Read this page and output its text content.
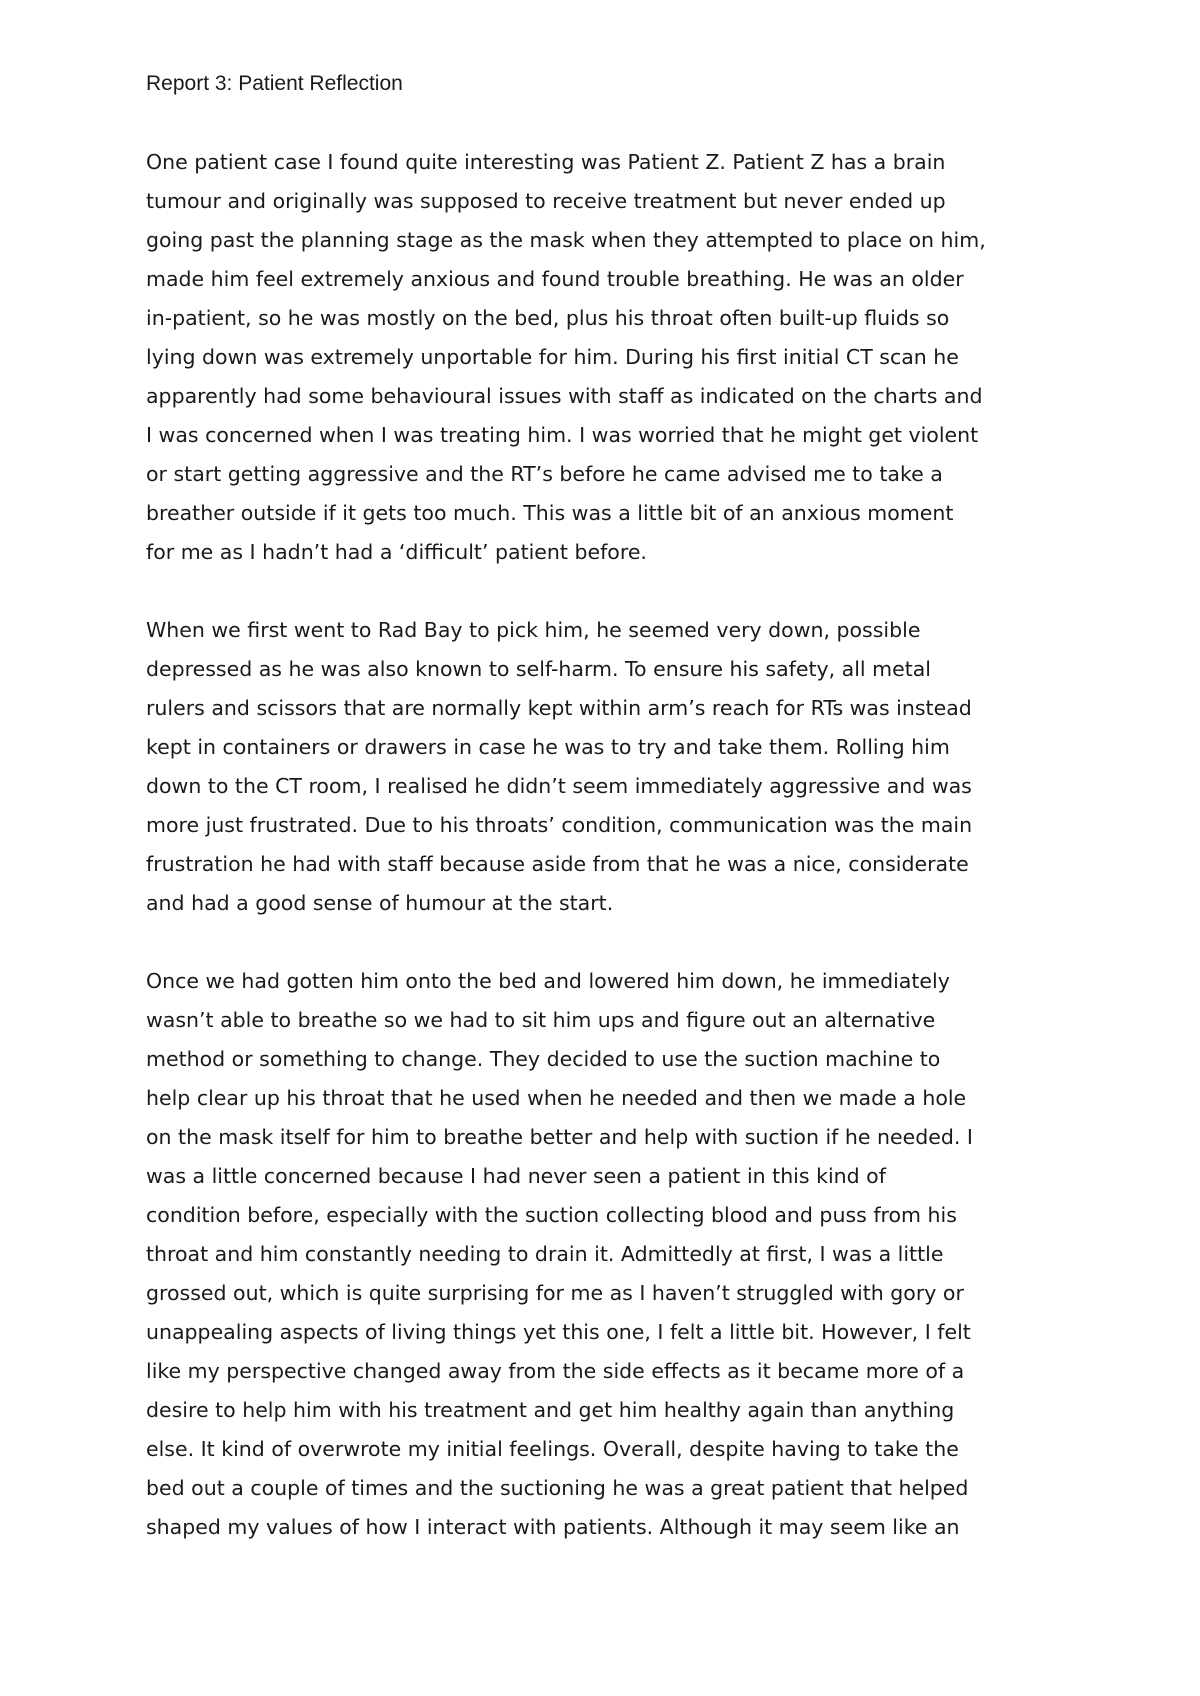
Report 3: Patient Reflection
One patient case I found quite interesting was Patient Z. Patient Z has a brain
tumour and originally was supposed to receive treatment but never ended up
going past the planning stage as the mask when they attempted to place on him,
made him feel extremely anxious and found trouble breathing. He was an older
in-patient, so he was mostly on the bed, plus his throat often built-up fluids so
lying down was extremely unportable for him. During his first initial CT scan he
apparently had some behavioural issues with staff as indicated on the charts and
I was concerned when I was treating him. I was worried that he might get violent
or start getting aggressive and the RT’s before he came advised me to take a
breather outside if it gets too much. This was a little bit of an anxious moment
for me as I hadn’t had a ‘difficult’ patient before.
When we first went to Rad Bay to pick him, he seemed very down, possible
depressed as he was also known to self-harm. To ensure his safety, all metal
rulers and scissors that are normally kept within arm’s reach for RTs was instead
kept in containers or drawers in case he was to try and take them. Rolling him
down to the CT room, I realised he didn’t seem immediately aggressive and was
more just frustrated. Due to his throats’ condition, communication was the main
frustration he had with staff because aside from that he was a nice, considerate
and had a good sense of humour at the start.
Once we had gotten him onto the bed and lowered him down, he immediately
wasn’t able to breathe so we had to sit him ups and figure out an alternative
method or something to change. They decided to use the suction machine to
help clear up his throat that he used when he needed and then we made a hole
on the mask itself for him to breathe better and help with suction if he needed. I
was a little concerned because I had never seen a patient in this kind of
condition before, especially with the suction collecting blood and puss from his
throat and him constantly needing to drain it. Admittedly at first, I was a little
grossed out, which is quite surprising for me as I haven’t struggled with gory or
unappealing aspects of living things yet this one, I felt a little bit. However, I felt
like my perspective changed away from the side effects as it became more of a
desire to help him with his treatment and get him healthy again than anything
else. It kind of overwrote my initial feelings. Overall, despite having to take the
bed out a couple of times and the suctioning he was a great patient that helped
shaped my values of how I interact with patients. Although it may seem like an
